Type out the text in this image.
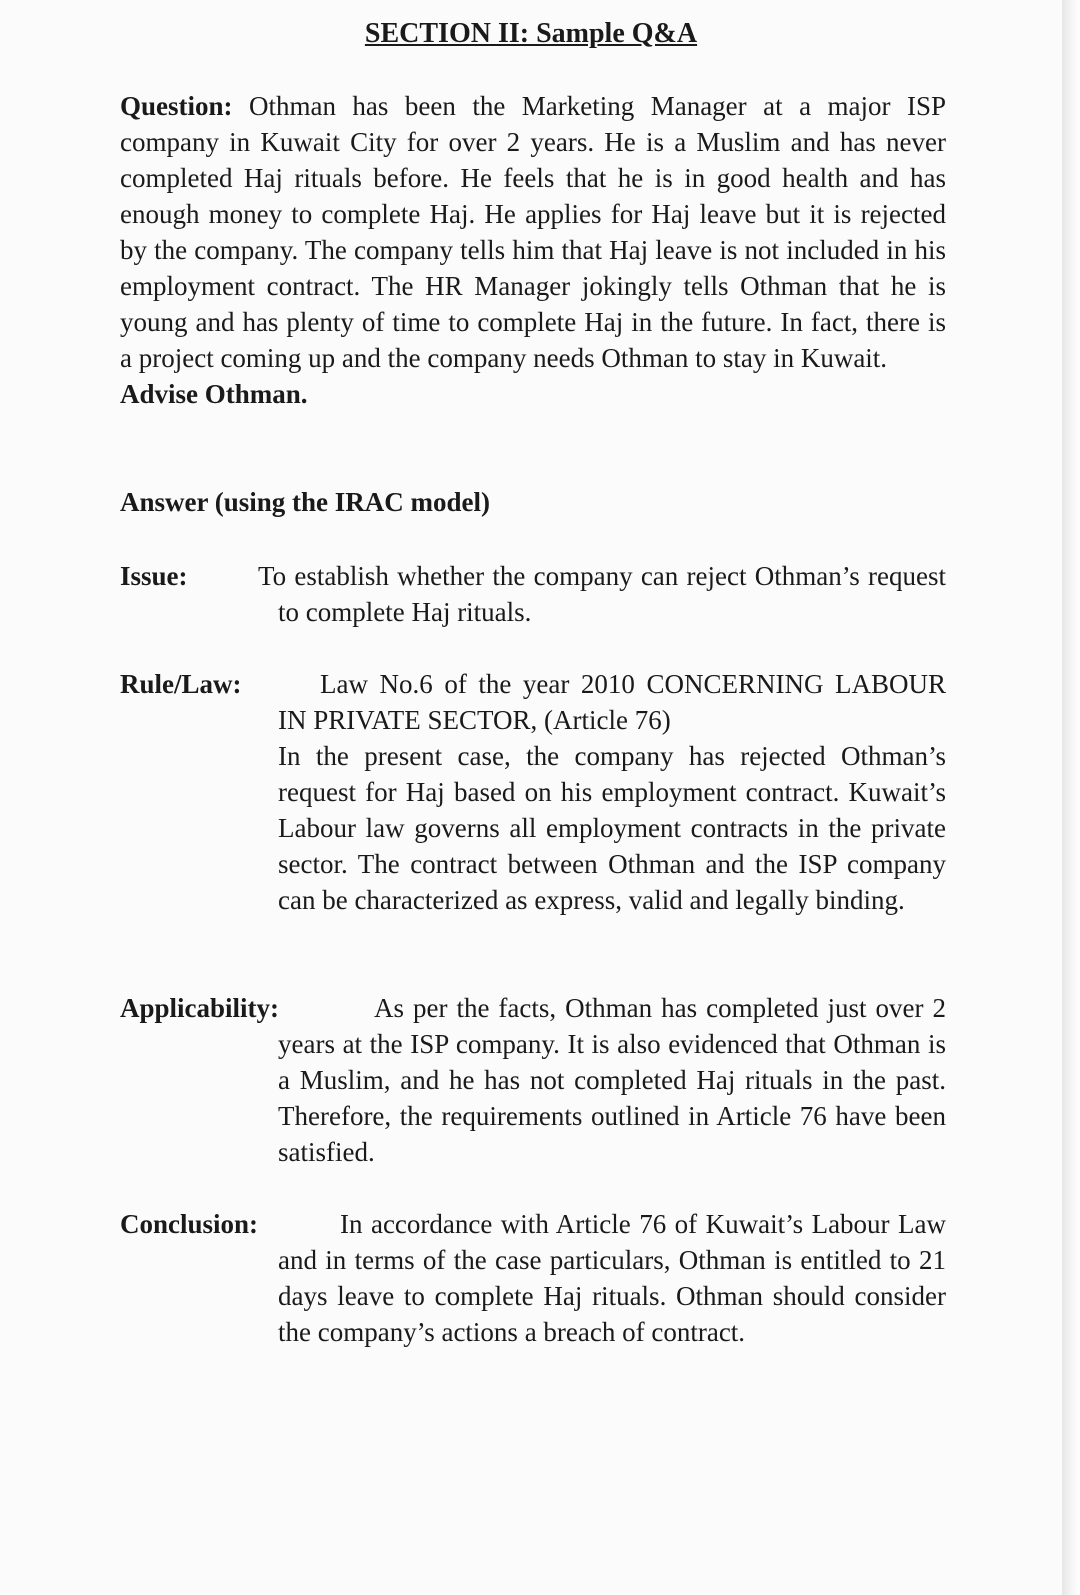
SECTION II: Sample Q&A

Question: Othman has been the Marketing Manager at a major ISP company in Kuwait City for over 2 years. He is a Muslim and has never completed Haj rituals before. He feels that he is in good health and has enough money to complete Haj. He applies for Haj leave but it is rejected by the company. The company tells him that Haj leave is not included in his employment contract. The HR Manager jokingly tells Othman that he is young and has plenty of time to complete Haj in the future. In fact, there is a project coming up and the company needs Othman to stay in Kuwait.
Advise Othman.

Answer (using the IRAC model)
Issue:	To establish whether the company can reject Othman’s request to complete Haj rituals.
Rule/Law:	Law No.6 of the year 2010 CONCERNING LABOUR IN PRIVATE SECTOR, (Article 76)
In the present case, the company has rejected Othman’s request for Haj based on his employment contract. Kuwait’s Labour law governs all employment contracts in the private sector. The contract between Othman and the ISP company can be characterized as express, valid and legally binding.
Applicability:	As per the facts, Othman has completed just over 2 years at the ISP company. It is also evidenced that Othman is a Muslim, and he has not completed Haj rituals in the past. Therefore, the requirements outlined in Article 76 have been satisfied.
Conclusion:	In accordance with Article 76 of Kuwait’s Labour Law and in terms of the case particulars, Othman is entitled to 21 days leave to complete Haj rituals. Othman should consider the company’s actions a breach of contract.
